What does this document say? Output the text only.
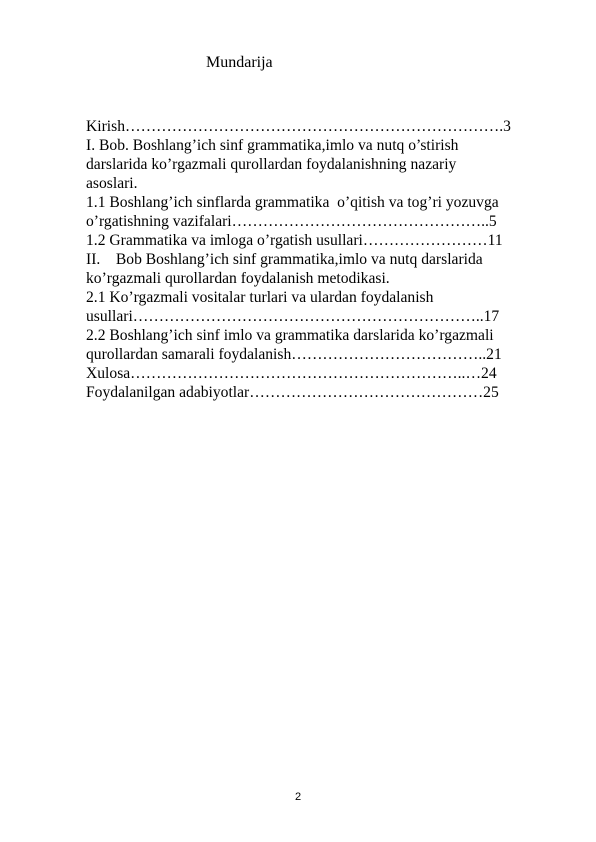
Mundarija
Kirish……………………………………………………………….3
I. Bob. Boshlang’ich sinf grammatika,imlo va nutq o’stirish
darslarida ko’rgazmali qurollardan foydalanishning nazariy
asoslari.
1.1 Boshlang’ich sinflarda grammatika  o’qitish va tog’ri yozuvga
o’rgatishning vazifalari…………………………………………..5
1.2 Grammatika va imloga o’rgatish usullari……………………11
II.    Bob Boshlang’ich sinf grammatika,imlo va nutq darslarida
ko’rgazmali qurollardan foydalanish metodikasi.
2.1 Ko’rgazmali vositalar turlari va ulardan foydalanish
usullari…………………………………………………………..17
2.2 Boshlang’ich sinf imlo va grammatika darslarida ko’rgazmali
qurollardan samarali foydalanish………………………………..21
Xulosa………………………………………………………..…24
Foydalanilgan adabiyotlar………………………………………25
2
